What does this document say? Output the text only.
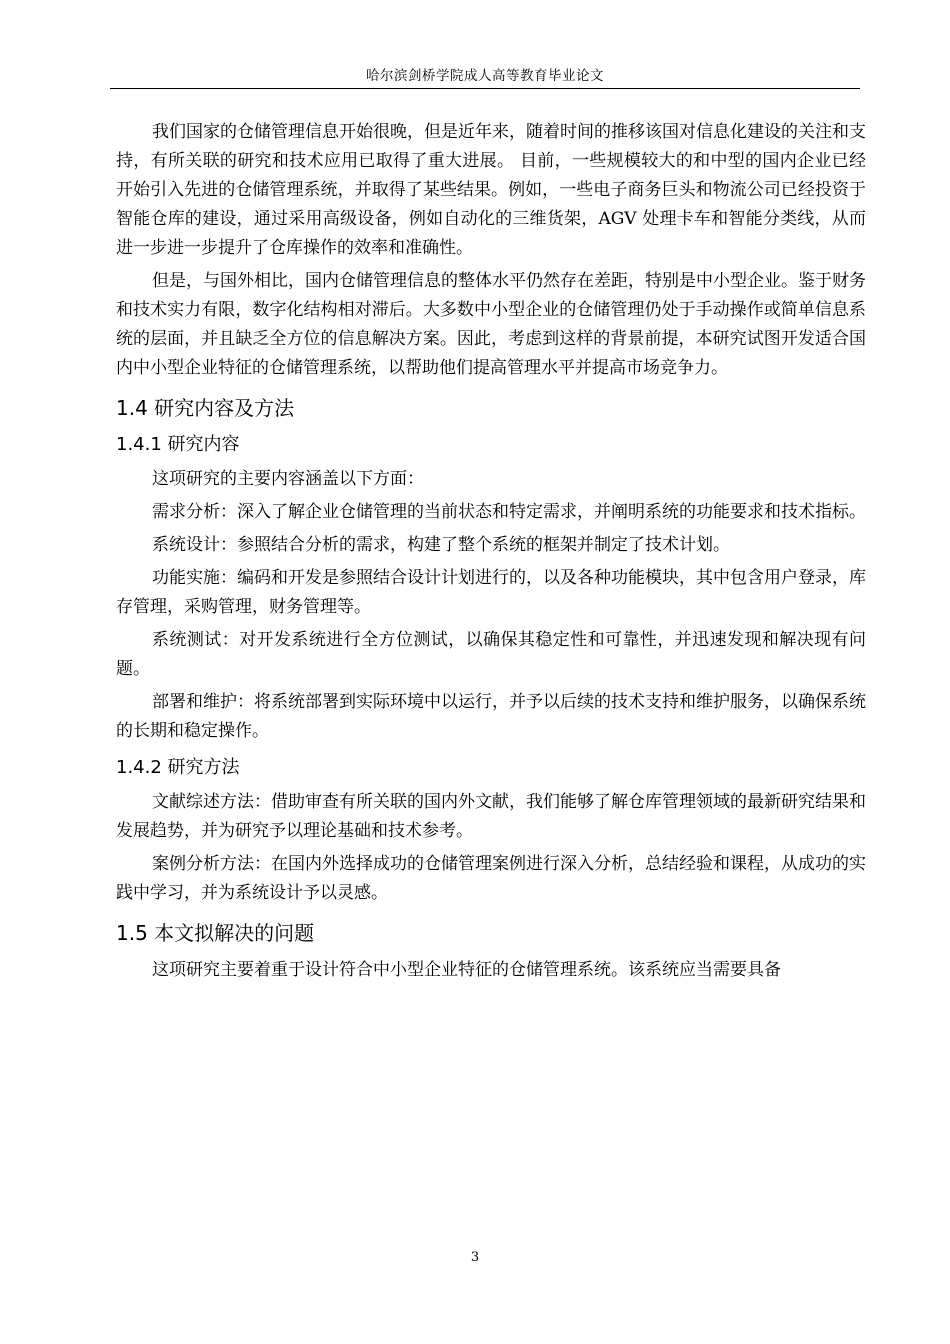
哈尔滨剑桥学院成人高等教育毕业论文

我们国家的仓储管理信息开始很晚，但是近年来，随着时间的推移该国对信息化建设的关注和支持，有所关联的研究和技术应用已取得了重大进展。 目前，一些规模较大的和中型的国内企业已经开始引入先进的仓储管理系统，并取得了某些结果。例如，一些电子商务巨头和物流公司已经投资于智能仓库的建设，通过采用高级设备，例如自动化的三维货架，AGV 处理卡车和智能分类线，从而进一步进一步提升了仓库操作的效率和准确性。

但是，与国外相比，国内仓储管理信息的整体水平仍然存在差距，特别是中小型企业。鉴于财务和技术实力有限，数字化结构相对滞后。大多数中小型企业的仓储管理仍处于手动操作或简单信息系统的层面，并且缺乏全方位的信息解决方案。因此，考虑到这样的背景前提，本研究试图开发适合国内中小型企业特征的仓储管理系统，以帮助他们提高管理水平并提高市场竞争力。

1.4 研究内容及方法
1.4.1 研究内容

这项研究的主要内容涵盖以下方面：

需求分析：深入了解企业仓储管理的当前状态和特定需求，并阐明系统的功能要求和技术指标。

系统设计：参照结合分析的需求，构建了整个系统的框架并制定了技术计划。

功能实施：编码和开发是参照结合设计计划进行的，以及各种功能模块，其中包含用户登录，库存管理，采购管理，财务管理等。

系统测试：对开发系统进行全方位测试，以确保其稳定性和可靠性，并迅速发现和解决现有问题。

部署和维护：将系统部署到实际环境中以运行，并予以后续的技术支持和维护服务，以确保系统的长期和稳定操作。

1.4.2 研究方法

文献综述方法：借助审查有所关联的国内外文献，我们能够了解仓库管理领域的最新研究结果和发展趋势，并为研究予以理论基础和技术参考。

案例分析方法：在国内外选择成功的仓储管理案例进行深入分析，总结经验和课程，从成功的实践中学习，并为系统设计予以灵感。

1.5 本文拟解决的问题

这项研究主要着重于设计符合中小型企业特征的仓储管理系统。该系统应当需要具备

3
